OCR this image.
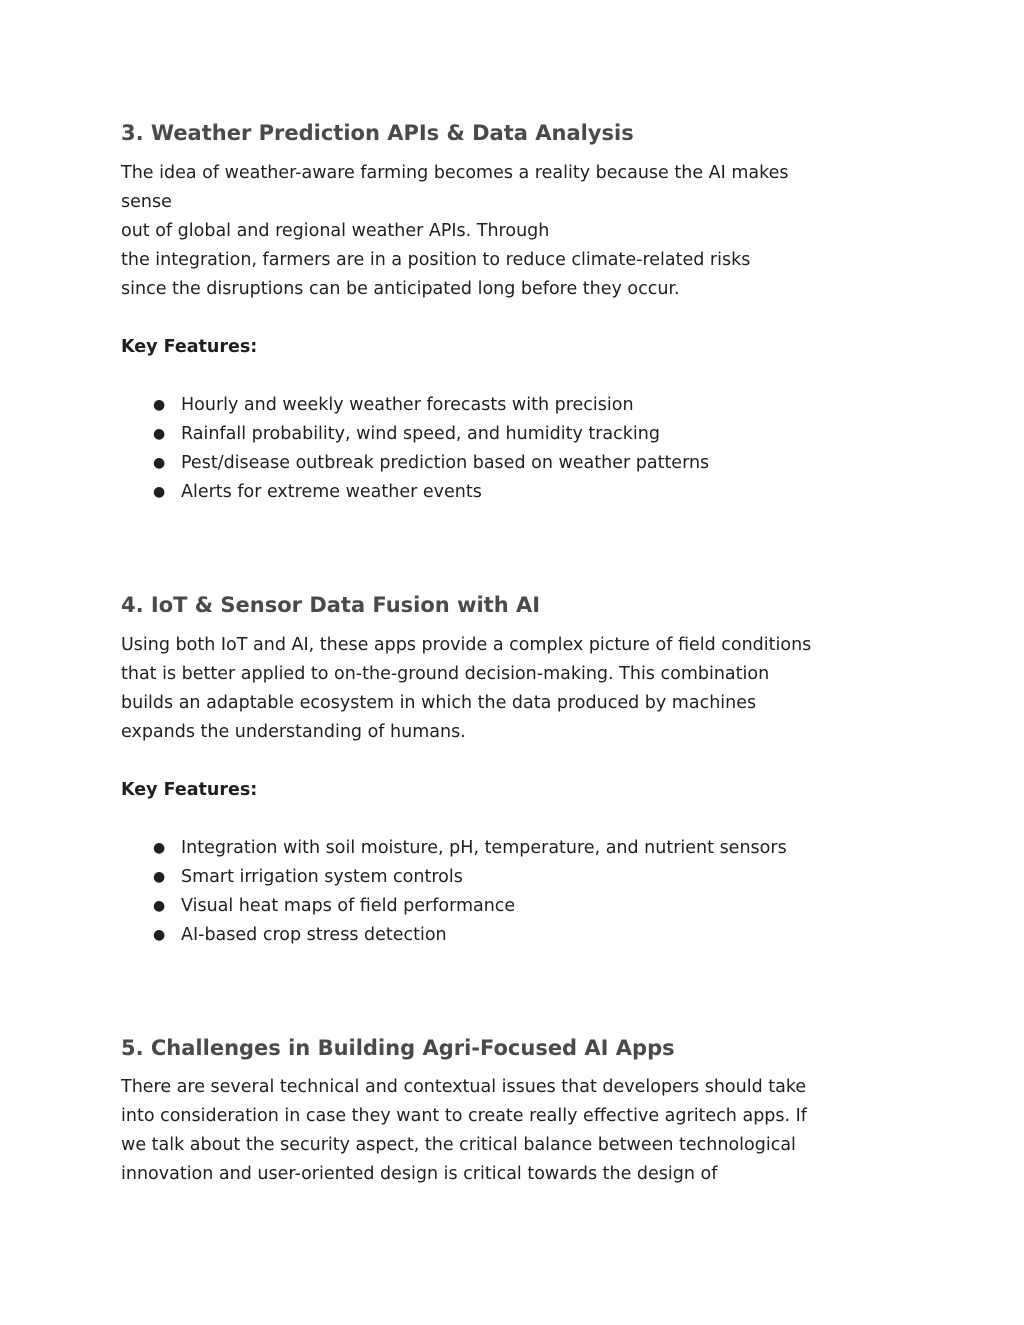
3. Weather Prediction APIs & Data Analysis

The idea of weather-aware farming becomes a reality because the AI makes

sense

out of global and regional weather APIs. Through

the integration, farmers are in a position to reduce climate-related risks

since the disruptions can be anticipated long before they occur.

Key Features:

● Hourly and weekly weather forecasts with precision
● Rainfall probability, wind speed, and humidity tracking
● Pest/disease outbreak prediction based on weather patterns
● Alerts for extreme weather events
4. IoT & Sensor Data Fusion with AI

Using both IoT and AI, these apps provide a complex picture of field conditions

that is better applied to on-the-ground decision-making. This combination

builds an adaptable ecosystem in which the data produced by machines

expands the understanding of humans.

Key Features:

● Integration with soil moisture, pH, temperature, and nutrient sensors
● Smart irrigation system controls
● Visual heat maps of field performance
● AI-based crop stress detection
5. Challenges in Building Agri-Focused AI Apps

There are several technical and contextual issues that developers should take

into consideration in case they want to create really effective agritech apps. If

we talk about the security aspect, the critical balance between technological

innovation and user-oriented design is critical towards the design of
